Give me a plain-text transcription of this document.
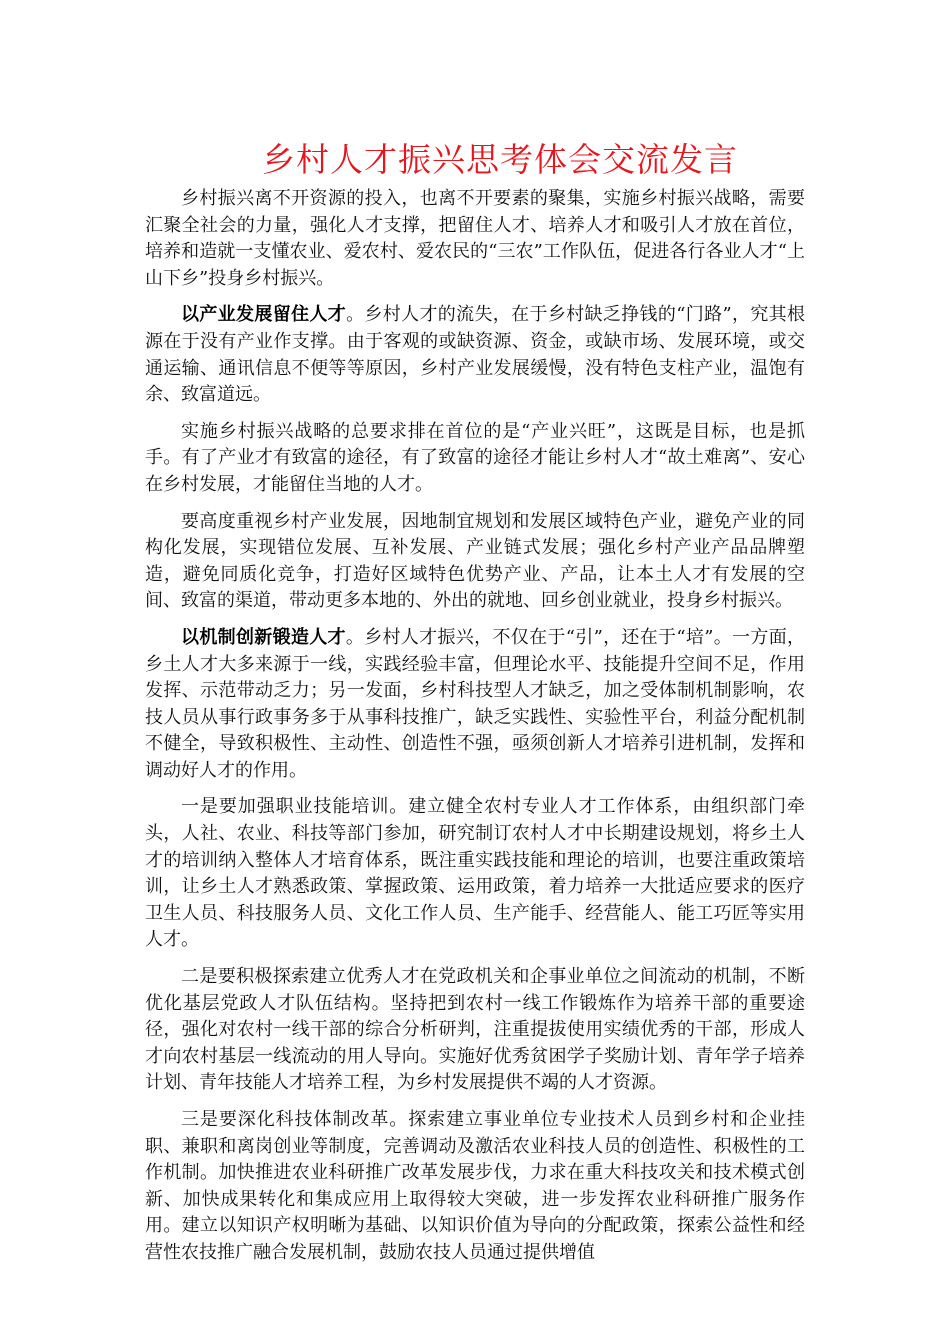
乡村人才振兴思考体会交流发言

乡村振兴离不开资源的投入，也离不开要素的聚集，实施乡村振兴战略，需要汇聚全社会的力量，强化人才支撑，把留住人才、培养人才和吸引人才放在首位，培养和造就一支懂农业、爱农村、爱农民的“三农”工作队伍，促进各行各业人才“上山下乡”投身乡村振兴。

以产业发展留住人才。乡村人才的流失，在于乡村缺乏挣钱的“门路”，究其根源在于没有产业作支撑。由于客观的或缺资源、资金，或缺市场、发展环境，或交通运输、通讯信息不便等等原因，乡村产业发展缓慢，没有特色支柱产业，温饱有余、致富道远。

实施乡村振兴战略的总要求排在首位的是“产业兴旺”，这既是目标，也是抓手。有了产业才有致富的途径，有了致富的途径才能让乡村人才“故土难离”、安心在乡村发展，才能留住当地的人才。

要高度重视乡村产业发展，因地制宜规划和发展区域特色产业，避免产业的同构化发展，实现错位发展、互补发展、产业链式发展；强化乡村产业产品品牌塑造，避免同质化竞争，打造好区域特色优势产业、产品，让本土人才有发展的空间、致富的渠道，带动更多本地的、外出的就地、回乡创业就业，投身乡村振兴。

以机制创新锻造人才。乡村人才振兴，不仅在于“引”，还在于“培”。一方面，乡土人才大多来源于一线，实践经验丰富，但理论水平、技能提升空间不足，作用发挥、示范带动乏力；另一发面，乡村科技型人才缺乏，加之受体制机制影响，农技人员从事行政事务多于从事科技推广，缺乏实践性、实验性平台，利益分配机制不健全，导致积极性、主动性、创造性不强，亟须创新人才培养引进机制，发挥和调动好人才的作用。

一是要加强职业技能培训。建立健全农村专业人才工作体系，由组织部门牵头，人社、农业、科技等部门参加，研究制订农村人才中长期建设规划，将乡土人才的培训纳入整体人才培育体系，既注重实践技能和理论的培训，也要注重政策培训，让乡土人才熟悉政策、掌握政策、运用政策，着力培养一大批适应要求的医疗卫生人员、科技服务人员、文化工作人员、生产能手、经营能人、能工巧匠等实用人才。

二是要积极探索建立优秀人才在党政机关和企事业单位之间流动的机制，不断优化基层党政人才队伍结构。坚持把到农村一线工作锻炼作为培养干部的重要途径，强化对农村一线干部的综合分析研判，注重提拔使用实绩优秀的干部，形成人才向农村基层一线流动的用人导向。实施好优秀贫困学子奖励计划、青年学子培养计划、青年技能人才培养工程，为乡村发展提供不竭的人才资源。

三是要深化科技体制改革。探索建立事业单位专业技术人员到乡村和企业挂职、兼职和离岗创业等制度，完善调动及激活农业科技人员的创造性、积极性的工作机制。加快推进农业科研推广改革发展步伐，力求在重大科技攻关和技术模式创新、加快成果转化和集成应用上取得较大突破，进一步发挥农业科研推广服务作用。建立以知识产权明晰为基础、以知识价值为导向的分配政策，探索公益性和经营性农技推广融合发展机制，鼓励农技人员通过提供增值
